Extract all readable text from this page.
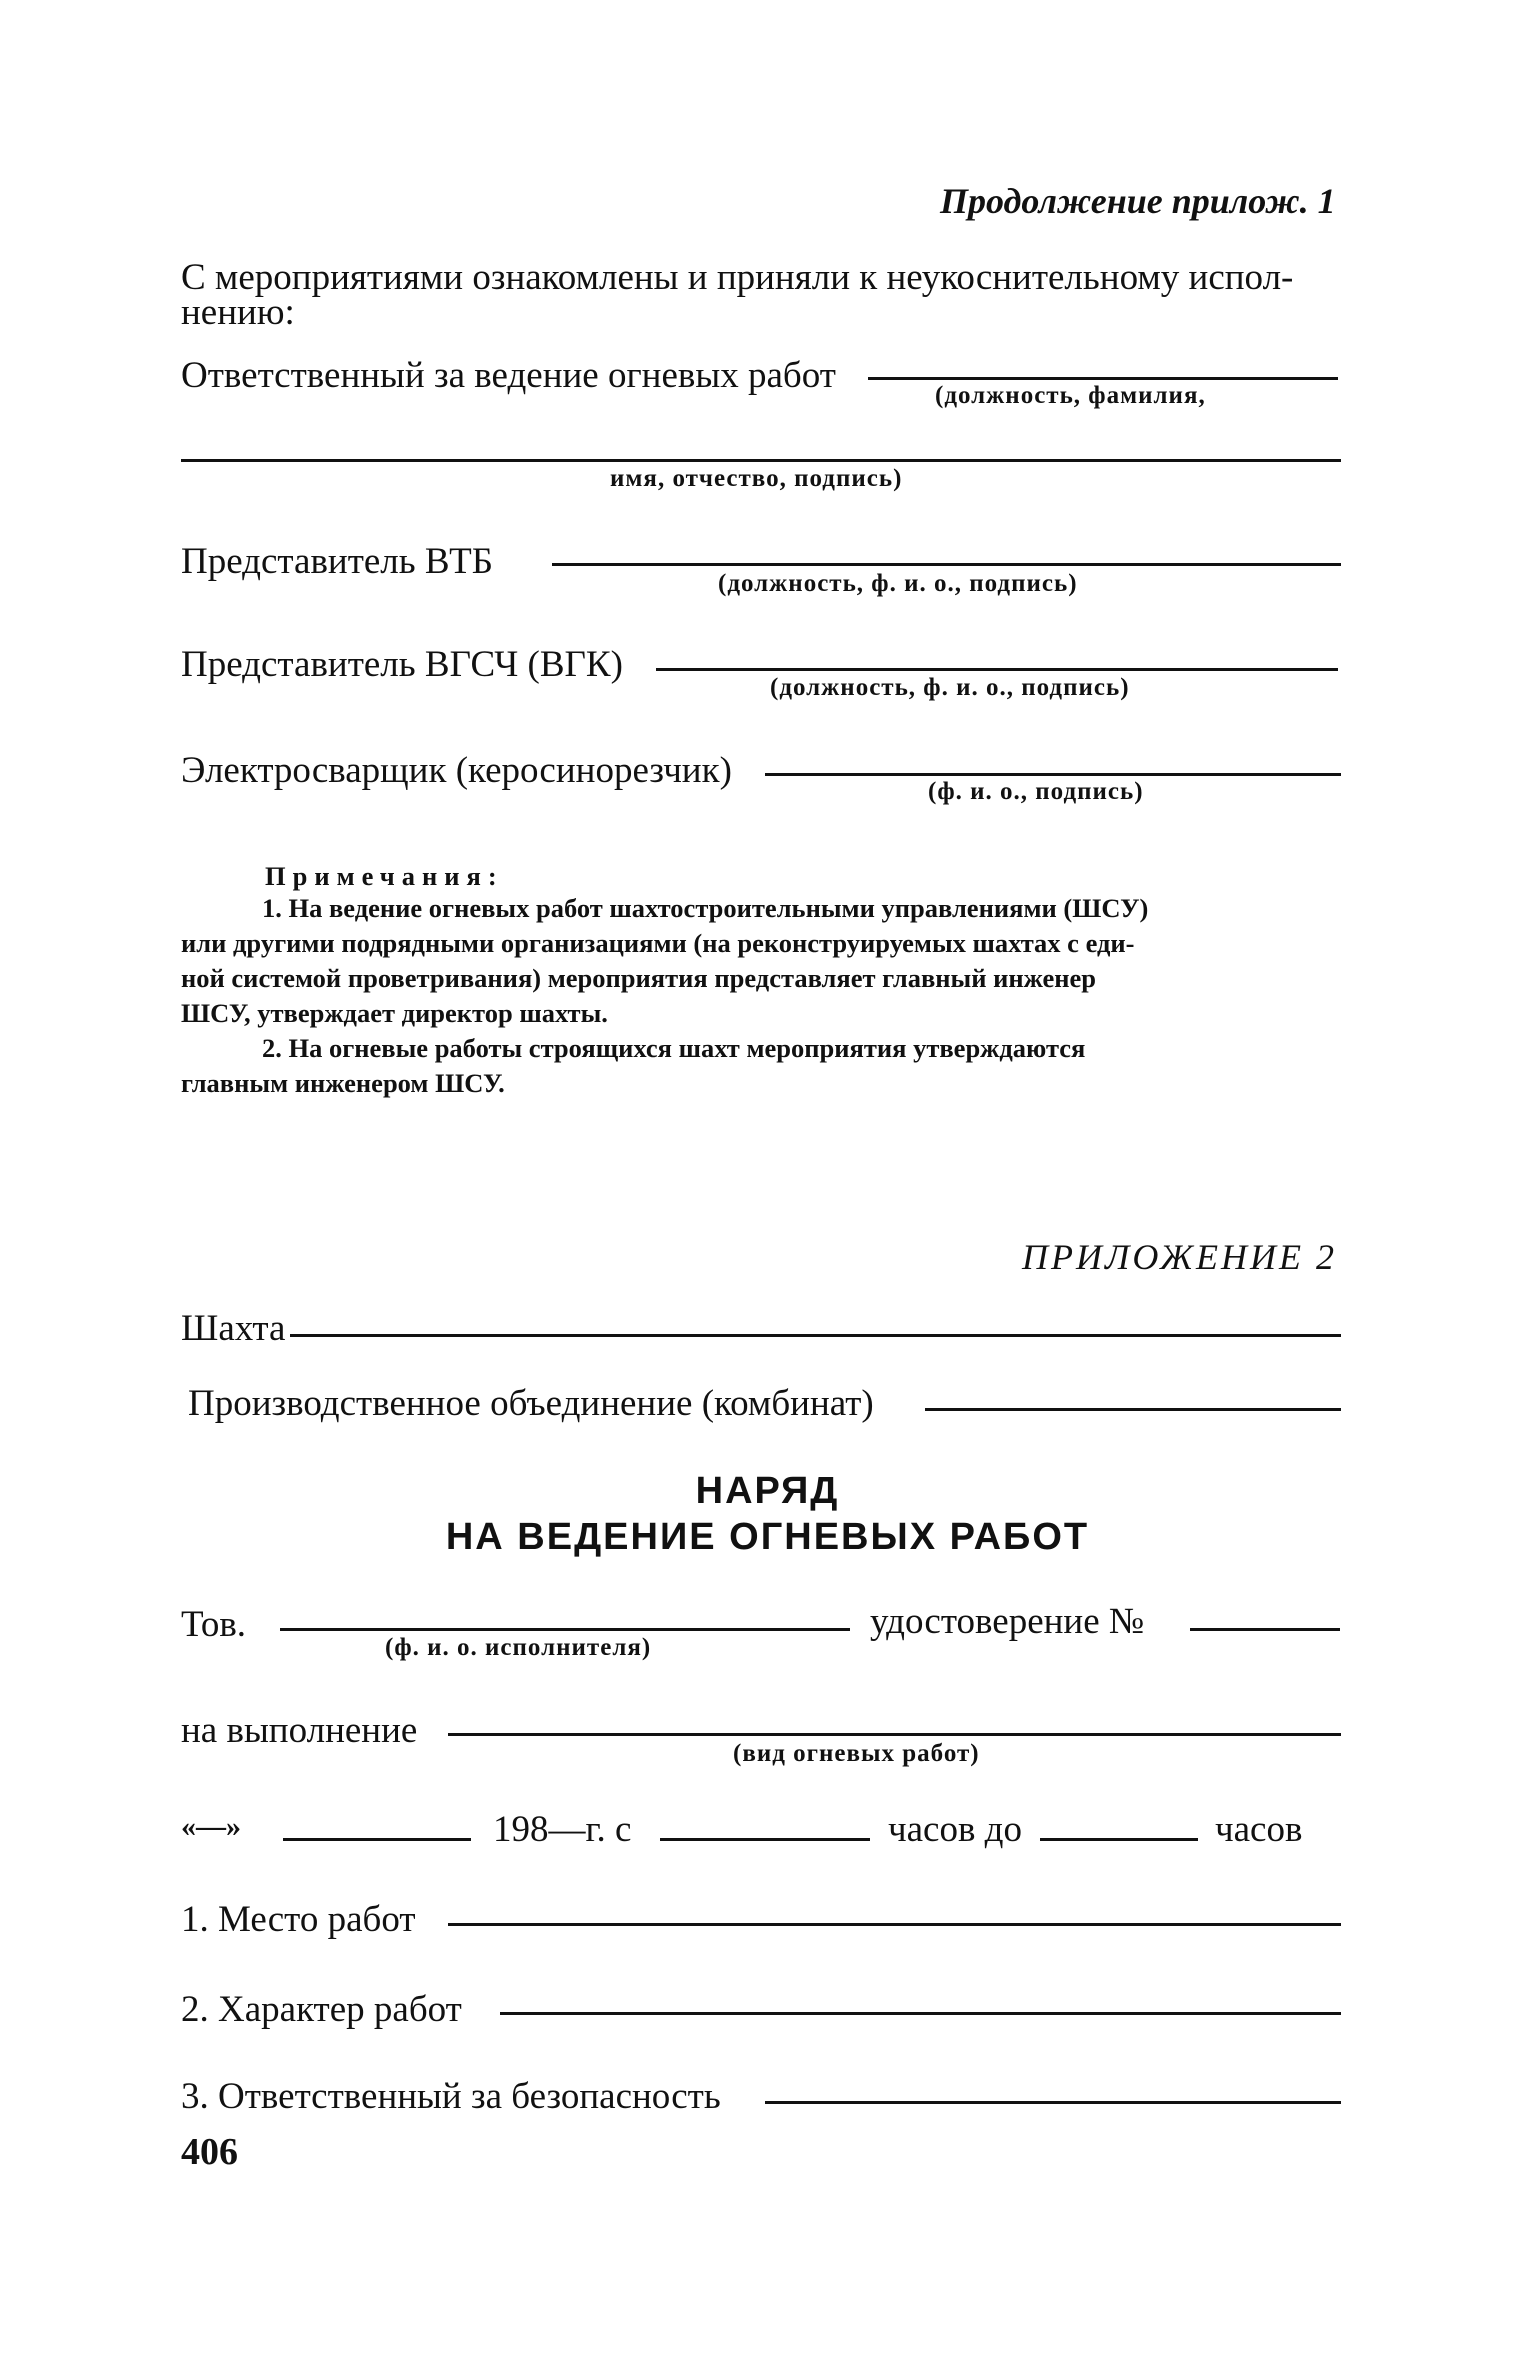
Продолжение прилож. 1
С мероприятиями ознакомлены и приняли к неукоснительному испол-
нению:
Ответственный за ведение огневых работ	(должность, фамилия,
имя, отчество, подпись)
Представитель ВТБ
(должность, ф. и. о., подпись)
Представитель ВГСЧ (ВГК)
(должность, ф. и. о., подпись)
Электросварщик (керосинорезчик)
(ф. и. о., подпись)
Примечания:
1. На ведение огневых работ шахтостроительными управлениями (ШСУ)
или другими подрядными организациями (на реконструируемых шахтах с еди-
ной системой проветривания) мероприятия представляет главный инженер
ШСУ, утверждает директор шахты.
2. На огневые работы строящихся шахт мероприятия утверждаются
главным инженером ШСУ.
ПРИЛОЖЕНИЕ 2
Шахта
Производственное объединение (комбинат)
НАРЯД
НА ВЕДЕНИЕ ОГНЕВЫХ РАБОТ
Тов.
(ф. и. о. исполнителя)
удостоверение №
на выполнение
(вид огневых работ)
«—»	198—г. с	часов до	часов
1. Место работ
2. Характер работ
3. Ответственный за безопасность
406
